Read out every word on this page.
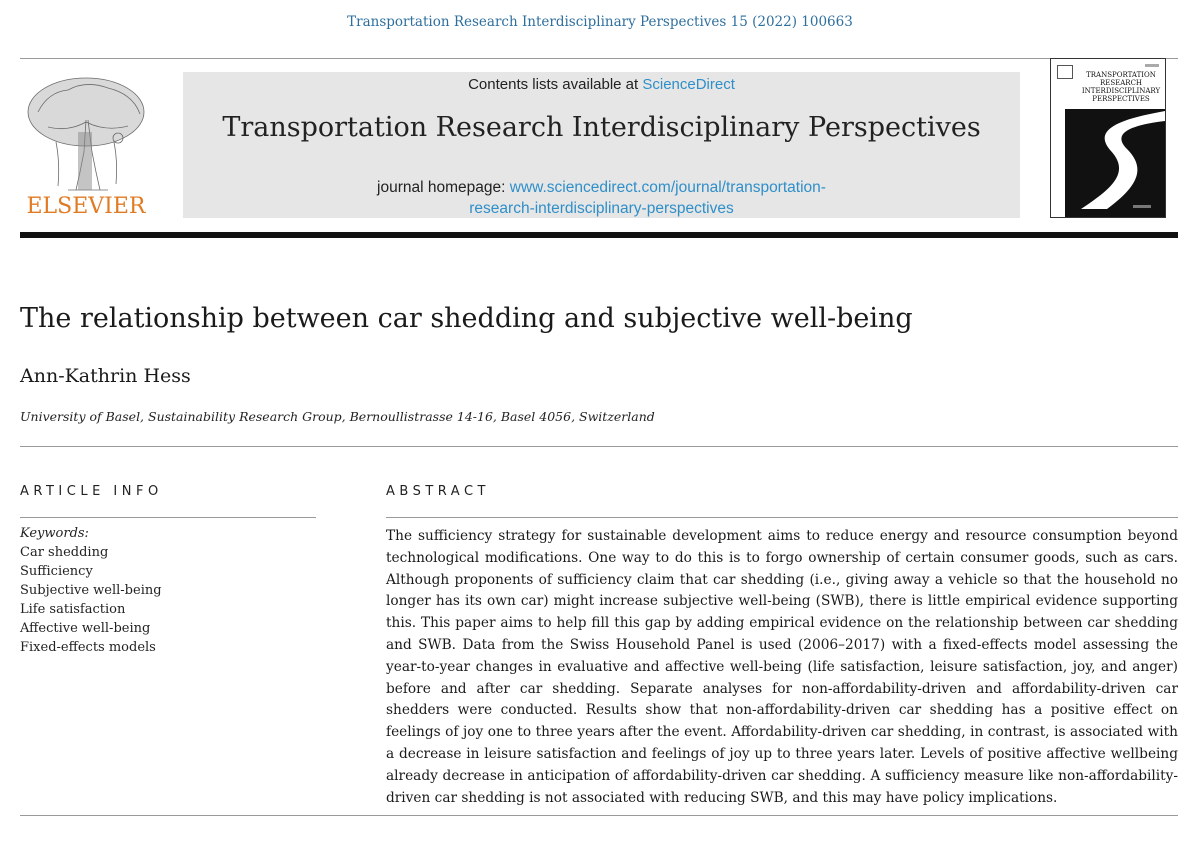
Transportation Research Interdisciplinary Perspectives 15 (2022) 100663
ELSEVIER
Contents lists available at ScienceDirect
Transportation Research Interdisciplinary Perspectives
journal homepage: www.sciencedirect.com/journal/transportation-
research-interdisciplinary-perspectives
TRANSPORTATION RESEARCH INTERDISCIPLINARY PERSPECTIVES
The relationship between car shedding and subjective well-being
Ann-Kathrin Hess
University of Basel, Sustainability Research Group, Bernoullistrasse 14-16, Basel 4056, Switzerland
ARTICLE INFO	ABSTRACT
Keywords:
Car shedding
Sufficiency
Subjective well-being
Life satisfaction
Affective well-being
Fixed-effects models
The sufficiency strategy for sustainable development aims to reduce energy and resource consumption beyond technological modifications. One way to do this is to forgo ownership of certain consumer goods, such as cars. Although proponents of sufficiency claim that car shedding (i.e., giving away a vehicle so that the household no longer has its own car) might increase subjective well-being (SWB), there is little empirical evidence supporting this. This paper aims to help fill this gap by adding empirical evidence on the relationship between car shedding and SWB. Data from the Swiss Household Panel is used (2006–2017) with a fixed-effects model assessing the year-to-year changes in evaluative and affective well-being (life satisfaction, leisure satisfaction, joy, and anger) before and after car shedding. Separate analyses for non-affordability-driven and affordability-driven car shedders were conducted. Results show that non-affordability-driven car shedding has a positive effect on feelings of joy one to three years after the event. Affordability-driven car shedding, in contrast, is associated with a decrease in leisure satisfaction and feelings of joy up to three years later. Levels of positive affective wellbeing already decrease in anticipation of affordability-driven car shedding. A sufficiency measure like non-affordability-driven car shedding is not associated with reducing SWB, and this may have policy implications.
